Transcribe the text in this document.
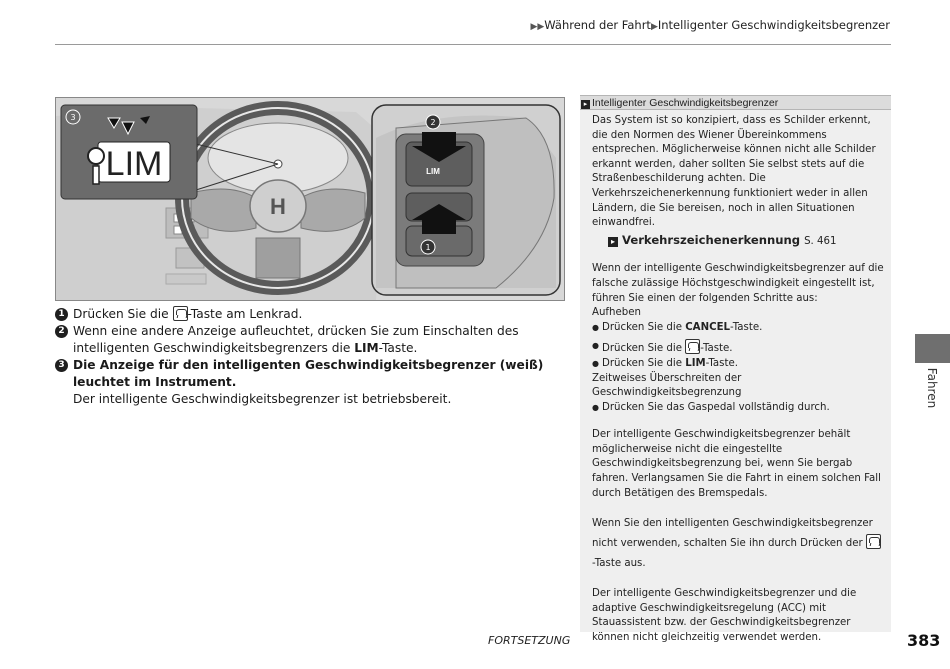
▶▶Während der Fahrt▶Intelligenter Geschwindigkeitsbegrenzer
H
1
2
3
LIM	LIM
1 Drücken Sie die -Taste am Lenkrad.
2 Wenn eine andere Anzeige aufleuchtet, drücken Sie zum Einschalten des intelligenten Geschwindigkeitsbegrenzers die LIM-Taste.
3 Die Anzeige für den intelligenten Geschwindigkeitsbegrenzer (weiß) leuchtet im Instrument.
Der intelligente Geschwindigkeitsbegrenzer ist betriebsbereit.
▸ Intelligenter Geschwindigkeitsbegrenzer

Das System ist so konzipiert, dass es Schilder erkennt, die den Normen des Wiener Übereinkommens entsprechen. Möglicherweise können nicht alle Schilder erkannt werden, daher sollten Sie selbst stets auf die Straßenbeschilderung achten. Die Verkehrszeichenerkennung funktioniert weder in allen Ländern, die Sie bereisen, noch in allen Situationen einwandfrei.

▸ Verkehrszeichenerkennung S. 461

Wenn der intelligente Geschwindigkeitsbegrenzer auf die falsche zulässige Höchstgeschwindigkeit eingestellt ist, führen Sie einen der folgenden Schritte aus:

Aufheben

● Drücken Sie die CANCEL-Taste.
● Drücken Sie die -Taste.
● Drücken Sie die LIM-Taste.

Zeitweises Überschreiten der Geschwindigkeitsbegrenzung

● Drücken Sie das Gaspedal vollständig durch.

Der intelligente Geschwindigkeitsbegrenzer behält möglicherweise nicht die eingestellte Geschwindigkeitsbegrenzung bei, wenn Sie bergab fahren. Verlangsamen Sie die Fahrt in einem solchen Fall durch Betätigen des Bremspedals.

Wenn Sie den intelligenten Geschwindigkeitsbegrenzer nicht verwenden, schalten Sie ihn durch Drücken der -Taste aus.

Der intelligente Geschwindigkeitsbegrenzer und die adaptive Geschwindigkeitsregelung (ACC) mit Stauassistent bzw. der Geschwindigkeitsbegrenzer können nicht gleichzeitig verwendet werden.

Fahren
FORTSETZUNG	383
